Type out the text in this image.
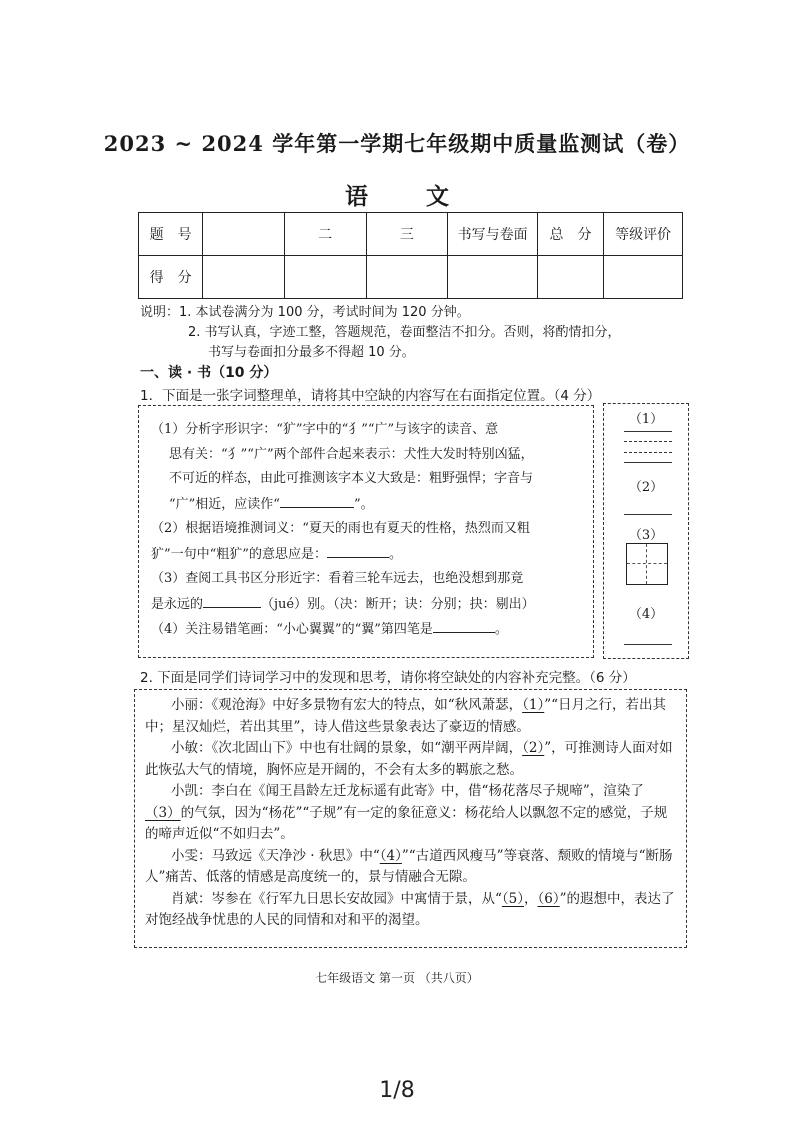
2023 ~ 2024 学年第一学期七年级期中质量监测试（卷）
语文
题　号		二	三	书写与卷面	总　分	等级评价
得　分						
说明：1. 本试卷满分为 100 分，考试时间为 120 分钟。
2. 书写认真，字迹工整，答题规范，卷面整洁不扣分。否则，将酌情扣分，
书写与卷面扣分最多不得超 10 分。
一、读 · 书（10 分）
1．下面是一张字词整理单，请将其中空缺的内容写在右面指定位置。（4 分）

（1）分析字形识字：“犷”字中的“犭”“广”与该字的读音、意

思有关：“犭”“广”两个部件合起来表示：犬性大发时特别凶猛，

不可近的样态，由此可推测该字本义大致是：粗野强悍；字音与

“广”相近，应读作“	”。

（2）根据语境推测词义：“夏天的雨也有夏天的性格，热烈而又粗

犷”一句中“粗犷”的意思应是：	。

（3）查阅工具书区分形近字：看着三轮车远去，也绝没想到那竟

是永远的	（jué）别。（决：断开；诀：分别；抉：剔出）

（4）关注易错笔画：“小心翼翼”的“翼”第四笔是	。

（1）
（2）
（3）
（4）
2. 下面是同学们诗词学习中的发现和思考，请你将空缺处的内容补充完整。（6 分）

小丽：《观沧海》中好多景物有宏大的特点，如“秋风萧瑟，（1）”“日月之行，若出其中；星汉灿烂，若出其里”，诗人借这些景象表达了豪迈的情感。

小敏：《次北固山下》中也有壮阔的景象，如“潮平两岸阔，（2）”，可推测诗人面对如此恢弘大气的情境，胸怀应是开阔的，不会有太多的羁旅之愁。

小凯：李白在《闻王昌龄左迁龙标遥有此寄》中，借“杨花落尽子规啼”，渲染了（3）的气氛，因为“杨花”“子规”有一定的象征意义：杨花给人以飘忽不定的感觉，子规的啼声近似“不如归去”。

小雯：马致远《天净沙 · 秋思》中“（4）”“古道西风瘦马”等衰落、颓败的情境与“断肠人”痛苦、低落的情感是高度统一的，景与情融合无隙。

肖斌：岑参在《行军九日思长安故园》中寓情于景，从“（5），（6）”的遐想中，表达了对饱经战争忧患的人民的同情和对和平的渴望。

七年级语文 第一页 （共八页）
1/8
